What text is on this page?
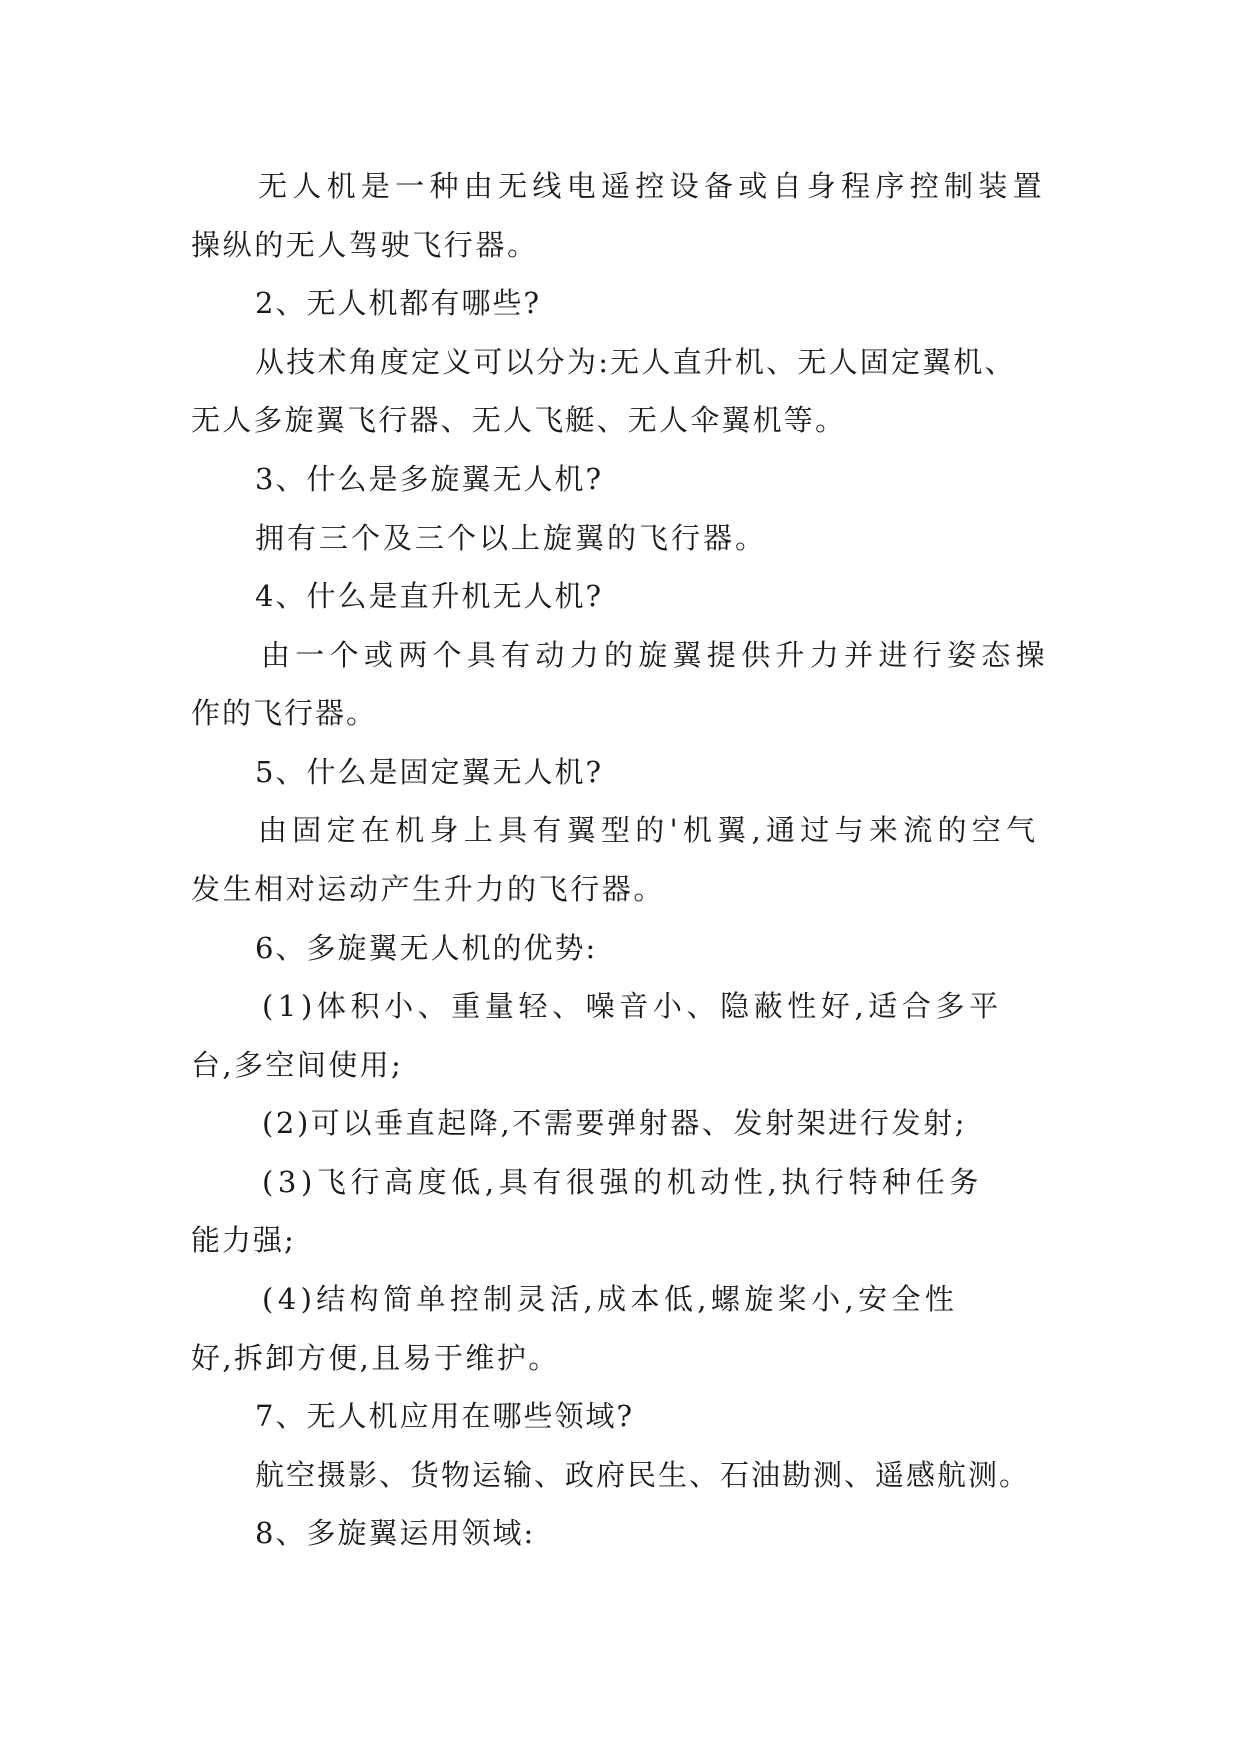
无人机是一种由无线电遥控设备或自身程序控制装置
操纵的无人驾驶飞行器。
2、无人机都有哪些?
从技术角度定义可以分为:无人直升机、无人固定翼机、
无人多旋翼飞行器、无人飞艇、无人伞翼机等。
3、什么是多旋翼无人机?
拥有三个及三个以上旋翼的飞行器。
4、什么是直升机无人机?
由一个或两个具有动力的旋翼提供升力并进行姿态操
作的飞行器。
5、什么是固定翼无人机?
由固定在机身上具有翼型的'机翼,通过与来流的空气
发生相对运动产生升力的飞行器。
6、多旋翼无人机的优势:
(1)体积小、重量轻、噪音小、隐蔽性好,适合多平
台,多空间使用;
(2)可以垂直起降,不需要弹射器、发射架进行发射;
(3)飞行高度低,具有很强的机动性,执行特种任务
能力强;
(4)结构简单控制灵活,成本低,螺旋桨小,安全性
好,拆卸方便,且易于维护。
7、无人机应用在哪些领域?
航空摄影、货物运输、政府民生、石油勘测、遥感航测。
8、多旋翼运用领域:
